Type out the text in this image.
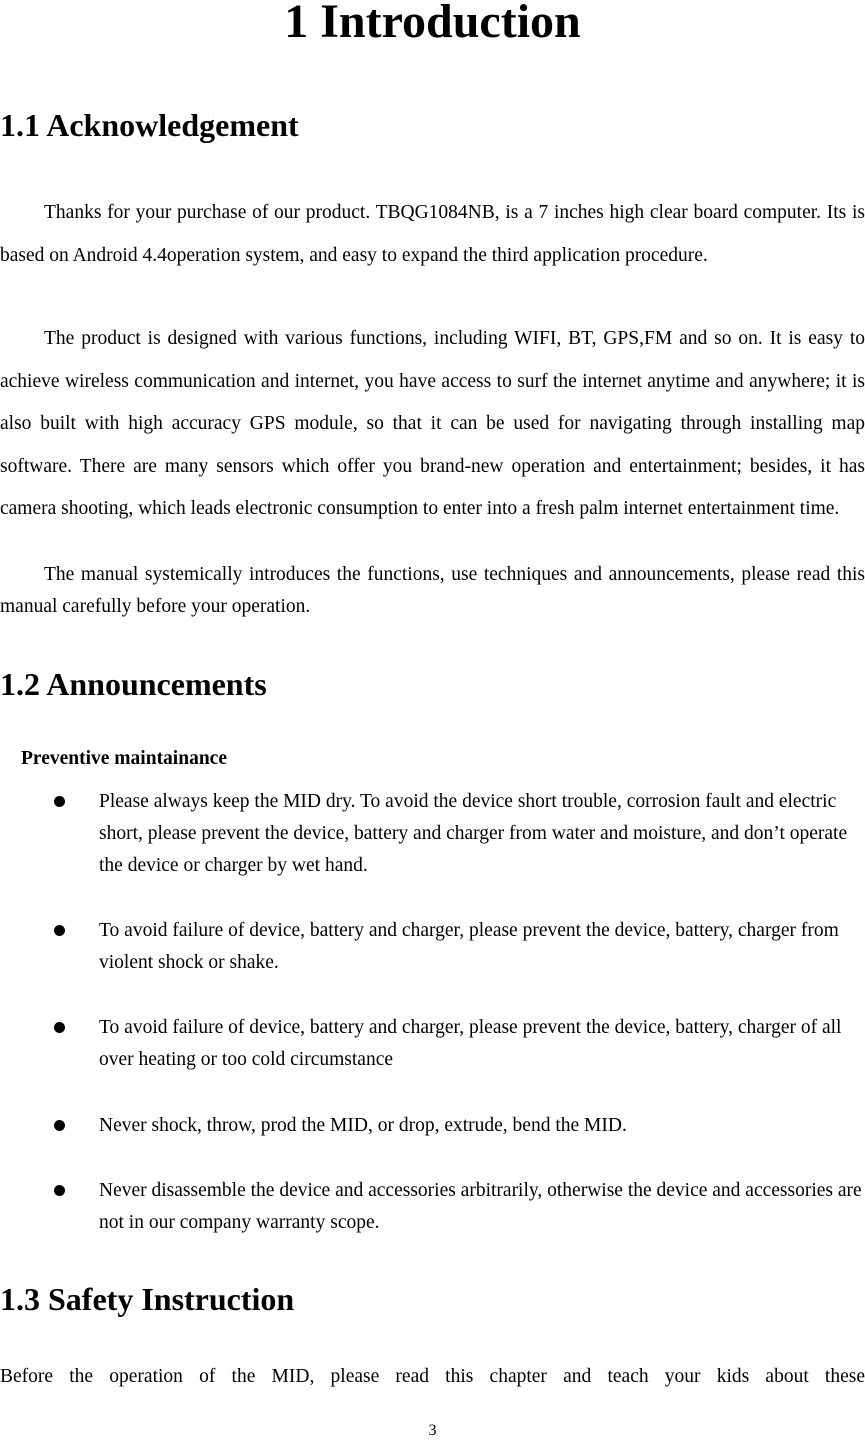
1 Introduction
1.1 Acknowledgement

Thanks for your purchase of our product. TBQG1084NB, is a 7 inches high clear board computer. Its is based on Android 4.4operation system, and easy to expand the third application procedure.

The product is designed with various functions, including WIFI, BT, GPS,FM and so on. It is easy to achieve wireless communication and internet, you have access to surf the internet anytime and anywhere; it is also built with high accuracy GPS module, so that it can be used for navigating through installing map software. There are many sensors which offer you brand-new operation and entertainment; besides, it has camera shooting, which leads electronic consumption to enter into a fresh palm internet entertainment time.

The manual systemically introduces the functions, use techniques and announcements, please read this manual carefully before your operation.

1.2 Announcements

Preventive maintainance

Please always keep the MID dry. To avoid the device short trouble, corrosion fault and electric short, please prevent the device, battery and charger from water and moisture, and don’t operate the device or charger by wet hand.
To avoid failure of device, battery and charger, please prevent the device, battery, charger from violent shock or shake.
To avoid failure of device, battery and charger, please prevent the device, battery, charger of all over heating or too cold circumstance
Never shock, throw, prod the MID, or drop, extrude, bend the MID.
Never disassemble the device and accessories arbitrarily, otherwise the device and accessories are not in our company warranty scope.
1.3 Safety Instruction

Before the operation of the MID, please read this chapter and teach your kids about these

3
